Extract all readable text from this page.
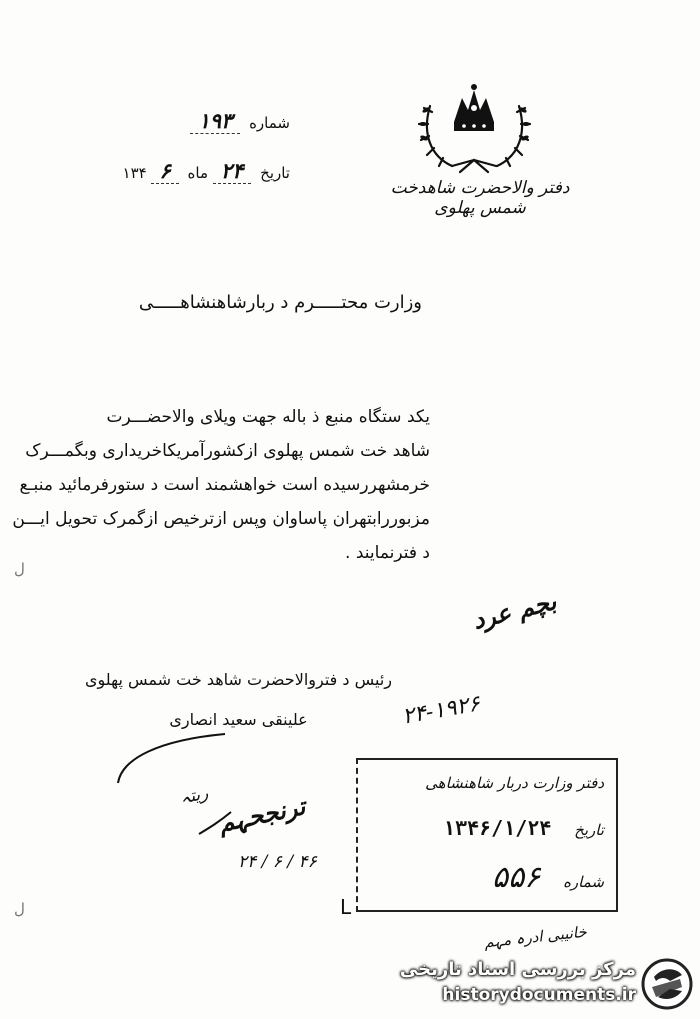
دفتر والاحضرت شاهدخت شمس پهلوی
شماره ۱۹۳
تاریخ ۲۴ ماه ۶ ۱۳۴
وزارت محتـــــرم د ربارشاهنشاهـــــی
یکد ستگاه منبع ذ باله جهت ویلای والاحضـــرت
شاهد خت شمس پهلوی ازکشورآمریکاخریداری وبگمـــرک
خرمشهررسیده است خواهشمند است د ستورفرمائید منبـع
مزبوررابتهران پاساوان وپس ازترخیص ازگمرک تحویل ایـــن
د فترنمایند .
بچم عرد
رئیس د فتروالاحضرت شاهد خت شمس پهلوی
علینقی سعید انصاری	۲۴-۱۹۲۶
ریتہ ترنجحہم
۲۴ / ۶ / ۴۶
خانیبی ادرہ مہم
ل
ل	L
دفتر وزارت دربار شاهنشاهی
تاریخ ۱۳۴۶/۱/۲۴
شماره ۵۵۶
مرکز بررسی اسناد تاریخی
historydocuments.ir
